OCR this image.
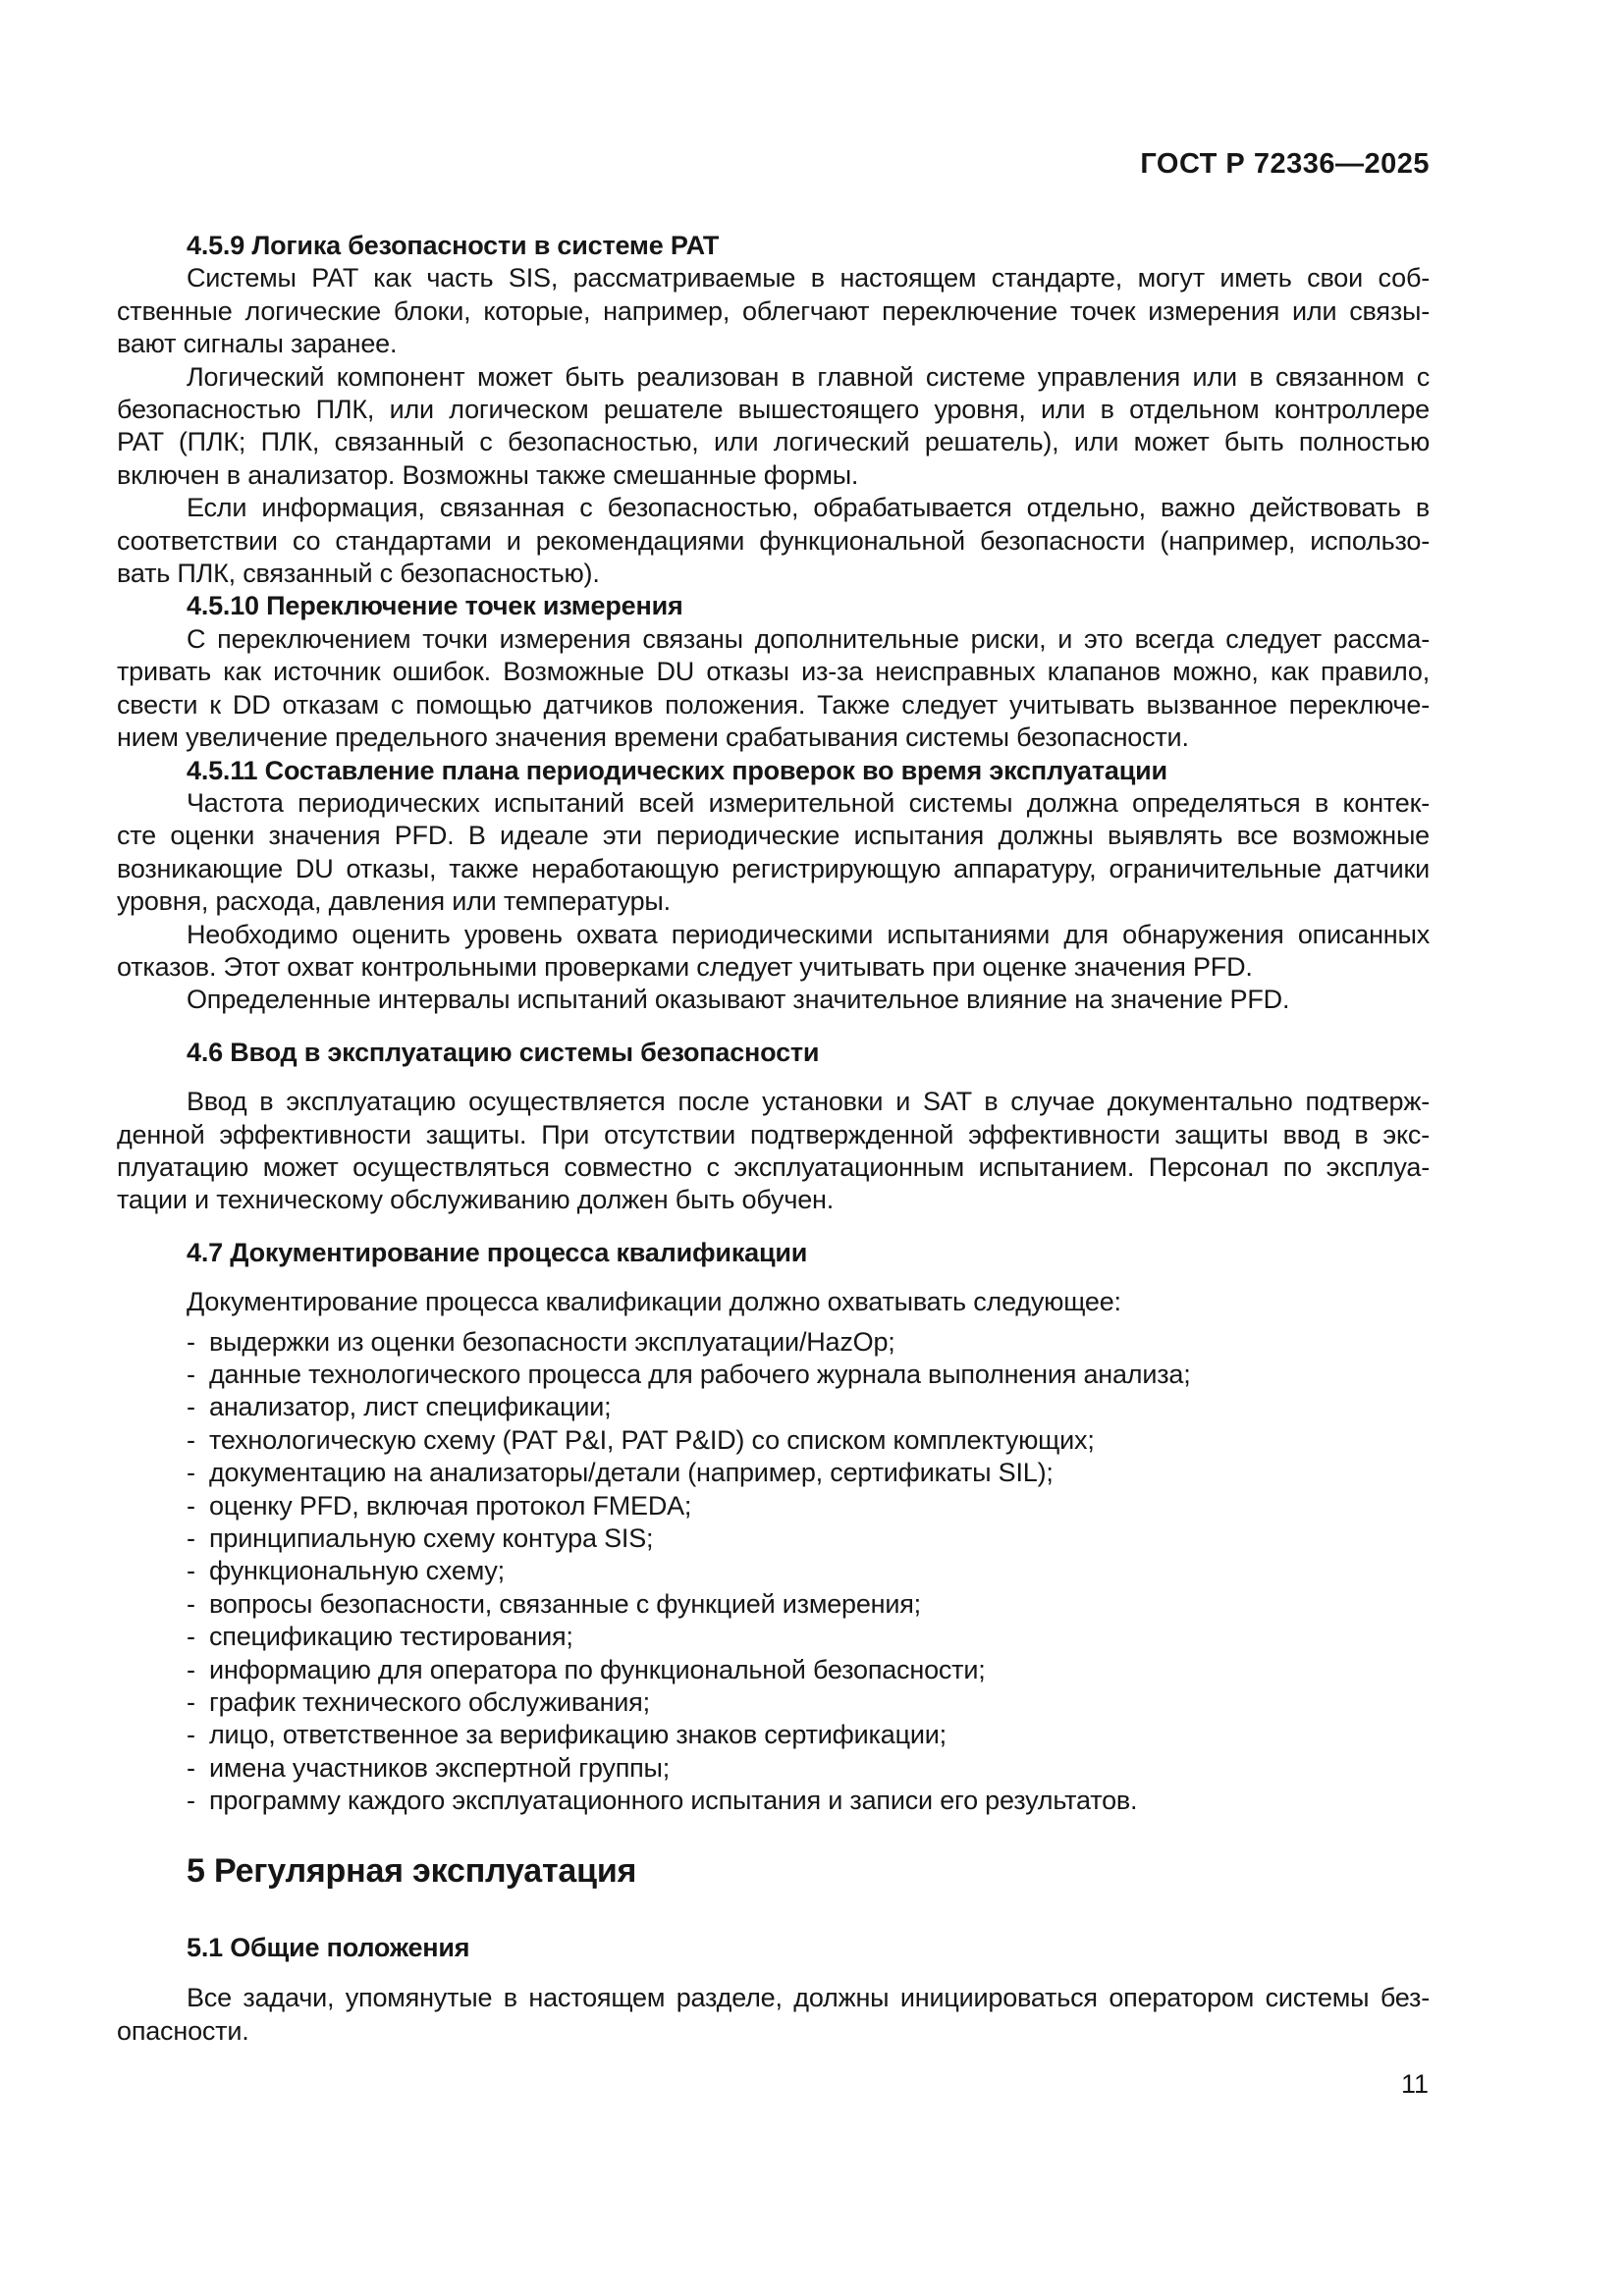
ГОСТ Р 72336—2025
4.5.9 Логика безопасности в системе PAT
Системы PAT как часть SIS, рассматриваемые в настоящем стандарте, могут иметь свои соб-
ственные логические блоки, которые, например, облегчают переключение точек измерения или связы-
вают сигналы заранее.
Логический компонент может быть реализован в главной системе управления или в связанном с
безопасностью ПЛК, или логическом решателе вышестоящего уровня, или в отдельном контроллере
PAT (ПЛК; ПЛК, связанный с безопасностью, или логический решатель), или может быть полностью
включен в анализатор. Возможны также смешанные формы.
Если информация, связанная с безопасностью, обрабатывается отдельно, важно действовать в
соответствии со стандартами и рекомендациями функциональной безопасности (например, использо-
вать ПЛК, связанный с безопасностью).
4.5.10 Переключение точек измерения
С переключением точки измерения связаны дополнительные риски, и это всегда следует рассма-
тривать как источник ошибок. Возможные DU отказы из-за неисправных клапанов можно, как правило,
свести к DD отказам с помощью датчиков положения. Также следует учитывать вызванное переключе-
нием увеличение предельного значения времени срабатывания системы безопасности.
4.5.11 Составление плана периодических проверок во время эксплуатации
Частота периодических испытаний всей измерительной системы должна определяться в контек-
сте оценки значения PFD. В идеале эти периодические испытания должны выявлять все возможные
возникающие DU отказы, также неработающую регистрирующую аппаратуру, ограничительные датчики
уровня, расхода, давления или температуры.
Необходимо оценить уровень охвата периодическими испытаниями для обнаружения описанных
отказов. Этот охват контрольными проверками следует учитывать при оценке значения PFD.
Определенные интервалы испытаний оказывают значительное влияние на значение PFD.
4.6 Ввод в эксплуатацию системы безопасности
Ввод в эксплуатацию осуществляется после установки и SAT в случае документально подтверж-
денной эффективности защиты. При отсутствии подтвержденной эффективности защиты ввод в экс-
плуатацию может осуществляться совместно с эксплуатационным испытанием. Персонал по эксплуа-
тации и техническому обслуживанию должен быть обучен.
4.7 Документирование процесса квалификации
Документирование процесса квалификации должно охватывать следующее:
- выдержки из оценки безопасности эксплуатации/HazOp;
- данные технологического процесса для рабочего журнала выполнения анализа;
- анализатор, лист спецификации;
- технологическую схему (PAT P&I, PAT P&ID) со списком комплектующих;
- документацию на анализаторы/детали (например, сертификаты SIL);
- оценку PFD, включая протокол FMEDA;
- принципиальную схему контура SIS;
- функциональную схему;
- вопросы безопасности, связанные с функцией измерения;
- спецификацию тестирования;
- информацию для оператора по функциональной безопасности;
- график технического обслуживания;
- лицо, ответственное за верификацию знаков сертификации;
- имена участников экспертной группы;
- программу каждого эксплуатационного испытания и записи его результатов.
5 Регулярная эксплуатация
5.1 Общие положения
Все задачи, упомянутые в настоящем разделе, должны инициироваться оператором системы без-
опасности.
11
